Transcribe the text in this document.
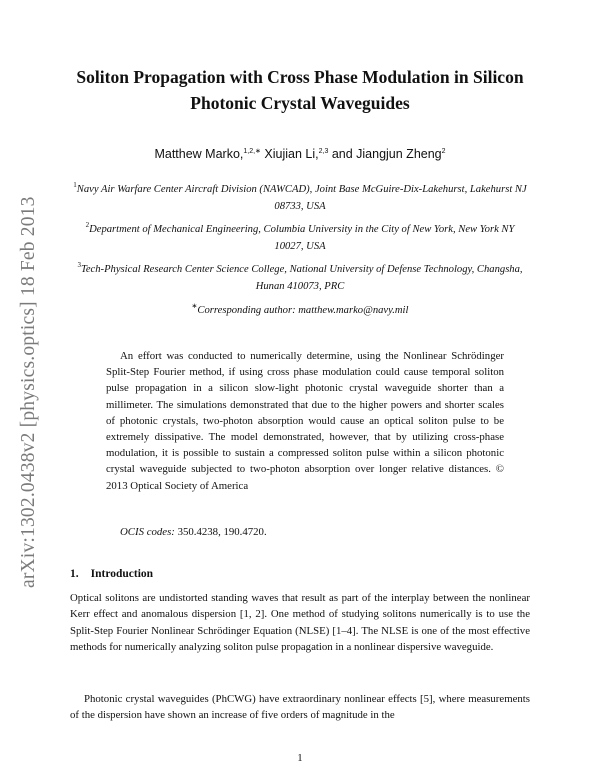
arXiv:1302.0438v2 [physics.optics] 18 Feb 2013
Soliton Propagation with Cross Phase Modulation in Silicon Photonic Crystal Waveguides
Matthew Marko,$^{1,2,∗}$ Xiujian Li,$^{2,3}$ and Jiangjun Zheng$^2$
$^1$Navy Air Warfare Center Aircraft Division (NAWCAD), Joint Base McGuire-Dix-Lakehurst, Lakehurst NJ 08733, USA
$^2$Department of Mechanical Engineering, Columbia University in the City of New York, New York NY 10027, USA
$^3$Tech-Physical Research Center Science College, National University of Defense Technology, Changsha, Hunan 410073, PRC
∗Corresponding author: matthew.marko@navy.mil
An effort was conducted to numerically determine, using the Nonlinear Schrödinger Split-Step Fourier method, if using cross phase modulation could cause temporal soliton pulse propagation in a silicon slow-light photonic crystal waveguide shorter than a millimeter. The simulations demonstrated that due to the higher powers and shorter scales of photonic crystals, two-photon absorption would cause an optical soliton pulse to be extremely dissipative. The model demonstrated, however, that by utilizing cross-phase modulation, it is possible to sustain a compressed soliton pulse within a silicon photonic crystal waveguide subjected to two-photon absorption over longer relative distances. © 2013 Optical Society of America
OCIS codes: 350.4238, 190.4720.
1. Introduction
Optical solitons are undistorted standing waves that result as part of the interplay between the nonlinear Kerr effect and anomalous dispersion [1, 2]. One method of studying solitons numerically is to use the Split-Step Fourier Nonlinear Schrödinger Equation (NLSE) [1–4]. The NLSE is one of the most effective methods for numerically analyzing soliton pulse propagation in a nonlinear dispersive waveguide.
Photonic crystal waveguides (PhCWG) have extraordinary nonlinear effects [5], where measurements of the dispersion have shown an increase of five orders of magnitude in the
1
